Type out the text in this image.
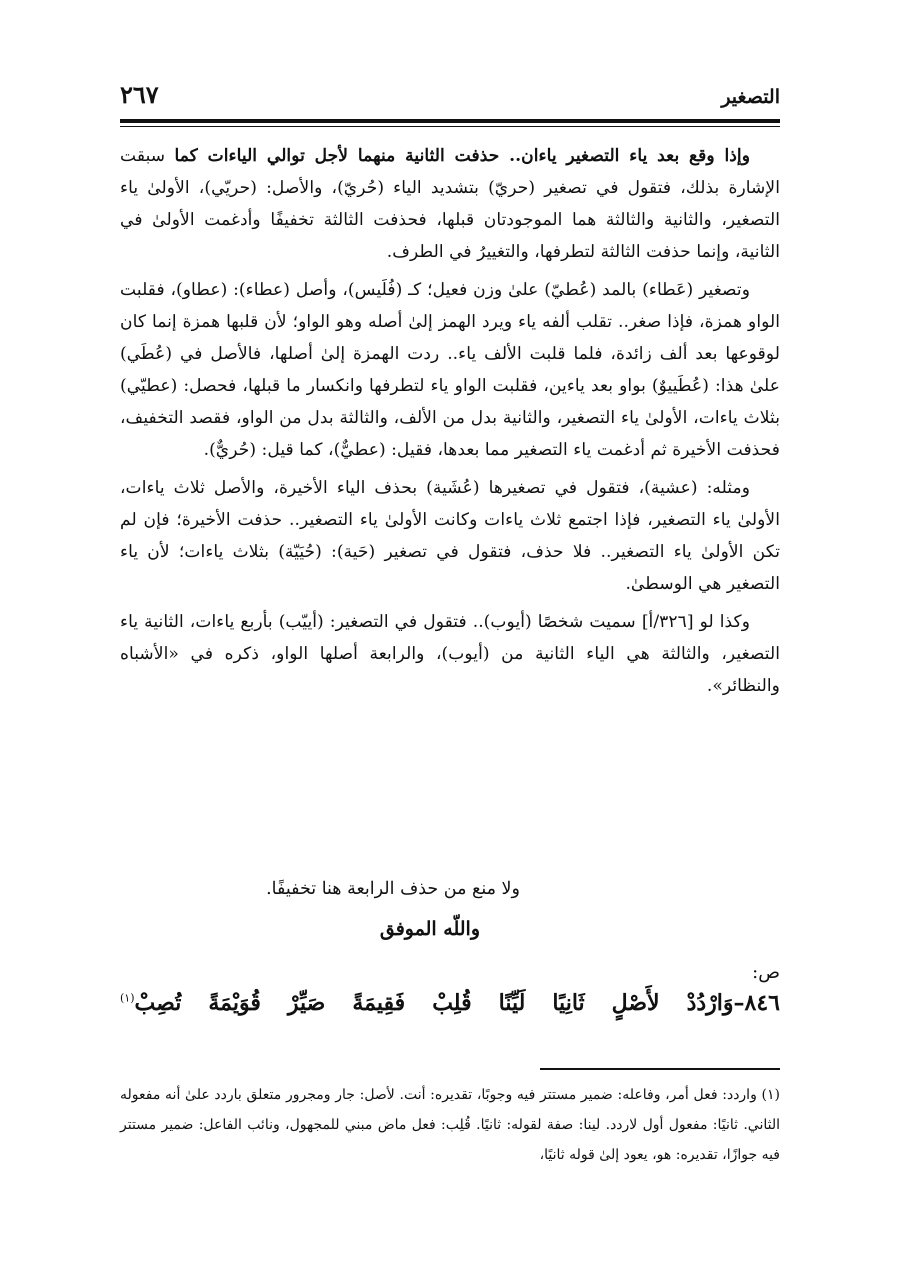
التصغير
٢٦٧

وإذا وقع بعد ياء التصغير ياءان.. حذفت الثانية منهما لأجل توالي الياءات كما سبقت الإشارة بذلك، فتقول في تصغير (حريّ) بتشديد الياء (حُريّ)، والأصل: (حريّي)، الأولىٰ ياء التصغير، والثانية والثالثة هما الموجودتان قبلها، فحذفت الثالثة تخفيفًا وأدغمت الأولىٰ في الثانية، وإنما حذفت الثالثة لتطرفها، والتغييرُ في الطرف.

وتصغير (عَطاء) بالمد (عُطيّ) علىٰ وزن فعيل؛ كـ (فُلَيس)، وأصل (عطاء): (عطاو)، فقلبت الواو همزة، فإذا صغر.. تقلب ألفه ياء ويرد الهمز إلىٰ أصله وهو الواو؛ لأن قلبها همزة إنما كان لوقوعها بعد ألف زائدة، فلما قلبت الألف ياء.. ردت الهمزة إلىٰ أصلها، فالأصل في (عُطَي) علىٰ هذا: (عُطَييوٌ) بواو بعد ياءين، فقلبت الواو ياء لتطرفها وانكسار ما قبلها، فحصل: (عطيّي) بثلاث ياءات، الأولىٰ ياء التصغير، والثانية بدل من الألف، والثالثة بدل من الواو، فقصد التخفيف، فحذفت الأخيرة ثم أدغمت ياء التصغير مما بعدها، فقيل: (عطيٌّ)، كما قيل: (حُريٌّ).

ومثله: (عشية)، فتقول في تصغيرها (عُشَية) بحذف الياء الأخيرة، والأصل ثلاث ياءات، الأولىٰ ياء التصغير، فإذا اجتمع ثلاث ياءات وكانت الأولىٰ ياء التصغير.. حذفت الأخيرة؛ فإن لم تكن الأولىٰ ياء التصغير.. فلا حذف، فتقول في تصغير (حَية): (حُيَيّة) بثلاث ياءات؛ لأن ياء التصغير هي الوسطىٰ.

وكذا لو [٣٢٦/أ] سميت شخصًا (أيوب).. فتقول في التصغير: (أييّب) بأربع ياءات، الثانية ياء التصغير، والثالثة هي الياء الثانية من (أيوب)، والرابعة أصلها الواو، ذكره في «الأشباه والنظائر».

ولا منع من حذف الرابعة هنا تخفيفًا.
واللّه الموفق
ص:
٨٤٦–وَارْدُدْ لأَصْلٍ ثَانِيًا لَيِّنًا قُلِبْ فَقِيمَةً صَيِّرْ قُوَيْمَةً تُصِبْ$^{(١)}$
(١) واردد: فعل أمر، وفاعله: ضمير مستتر فيه وجوبًا، تقديره: أنت. لأصل: جار ومجرور متعلق باردد علىٰ أنه مفعوله الثاني. ثانيًا: مفعول أول لاردد. لينا: صفة لقوله: ثانيًا. قُلِب: فعل ماض مبني للمجهول، ونائب الفاعل: ضمير مستتر فيه جوازًا، تقديره: هو، يعود إلىٰ قوله ثانيًا،
